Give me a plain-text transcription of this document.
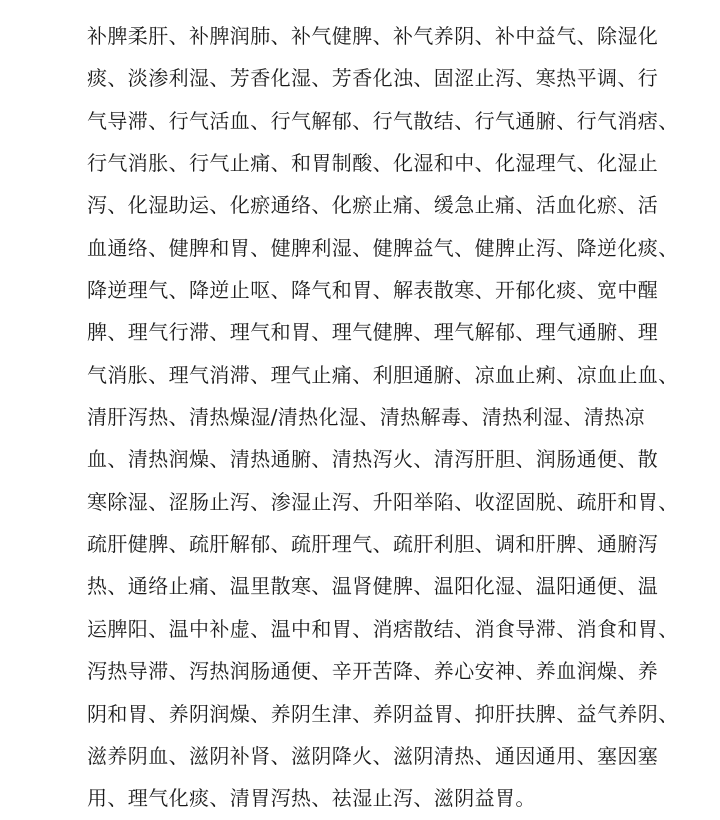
补脾柔肝、补脾润肺、补气健脾、补气养阴、补中益气、除湿化
痰、淡渗利湿、芳香化湿、芳香化浊、固涩止泻、寒热平调、行
气导滞、行气活血、行气解郁、行气散结、行气通腑、行气消痞、
行气消胀、行气止痛、和胃制酸、化湿和中、化湿理气、化湿止
泻、化湿助运、化瘀通络、化瘀止痛、缓急止痛、活血化瘀、活
血通络、健脾和胃、健脾利湿、健脾益气、健脾止泻、降逆化痰、
降逆理气、降逆止呕、降气和胃、解表散寒、开郁化痰、宽中醒
脾、理气行滞、理气和胃、理气健脾、理气解郁、理气通腑、理
气消胀、理气消滞、理气止痛、利胆通腑、凉血止痢、凉血止血、
清肝泻热、清热燥湿/清热化湿、清热解毒、清热利湿、清热凉
血、清热润燥、清热通腑、清热泻火、清泻肝胆、润肠通便、散
寒除湿、涩肠止泻、渗湿止泻、升阳举陷、收涩固脱、疏肝和胃、
疏肝健脾、疏肝解郁、疏肝理气、疏肝利胆、调和肝脾、通腑泻
热、通络止痛、温里散寒、温肾健脾、温阳化湿、温阳通便、温
运脾阳、温中补虚、温中和胃、消痞散结、消食导滞、消食和胃、
泻热导滞、泻热润肠通便、辛开苦降、养心安神、养血润燥、养
阴和胃、养阴润燥、养阴生津、养阴益胃、抑肝扶脾、益气养阴、
滋养阴血、滋阴补肾、滋阴降火、滋阴清热、通因通用、塞因塞
用、理气化痰、清胃泻热、祛湿止泻、滋阴益胃。
